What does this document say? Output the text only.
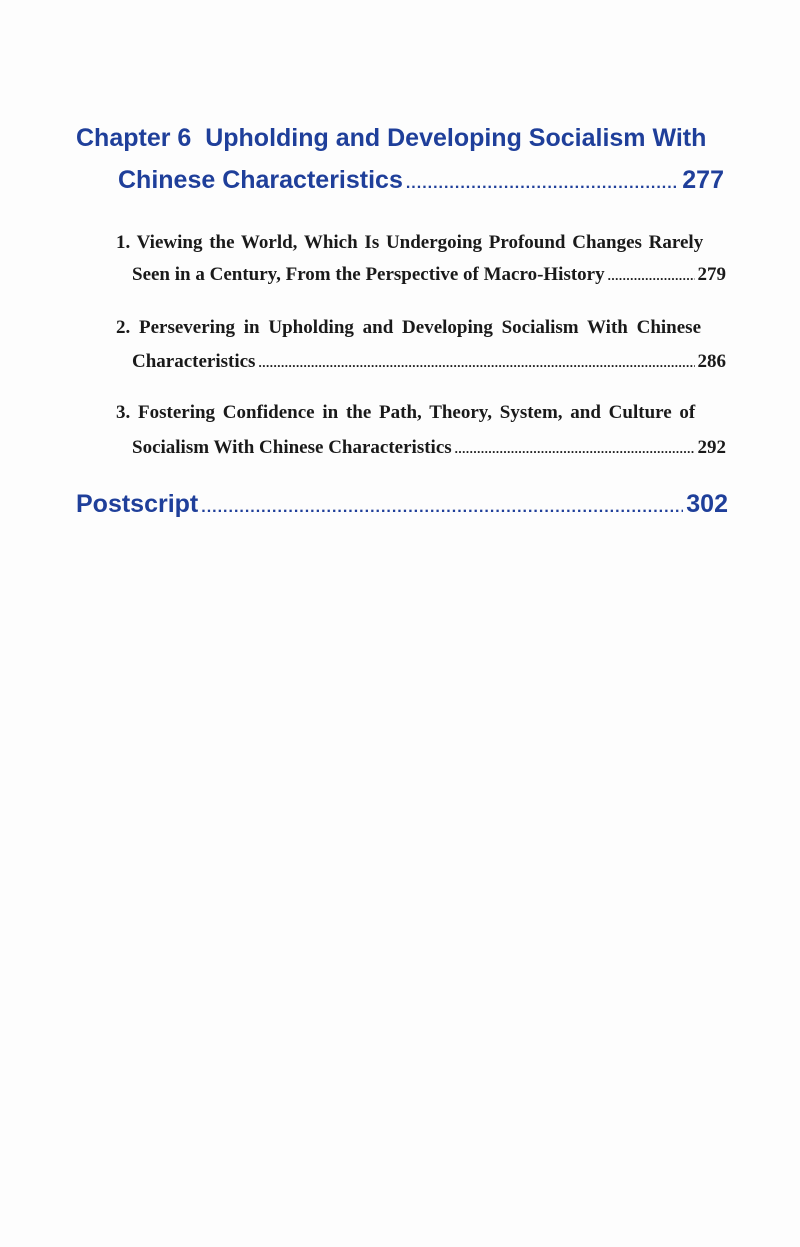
Chapter 6  Upholding and Developing Socialism With
Chinese Characteristics .....	277
1. Viewing the World, Which Is Undergoing Profound Changes Rarely
Seen in a Century, From the Perspective of Macro-History .....	279
2. Persevering in Upholding and Developing Socialism With Chinese
Characteristics .....	286
3. Fostering Confidence in the Path, Theory, System, and Culture of
Socialism With Chinese Characteristics .....	292
Postscript .....	302
